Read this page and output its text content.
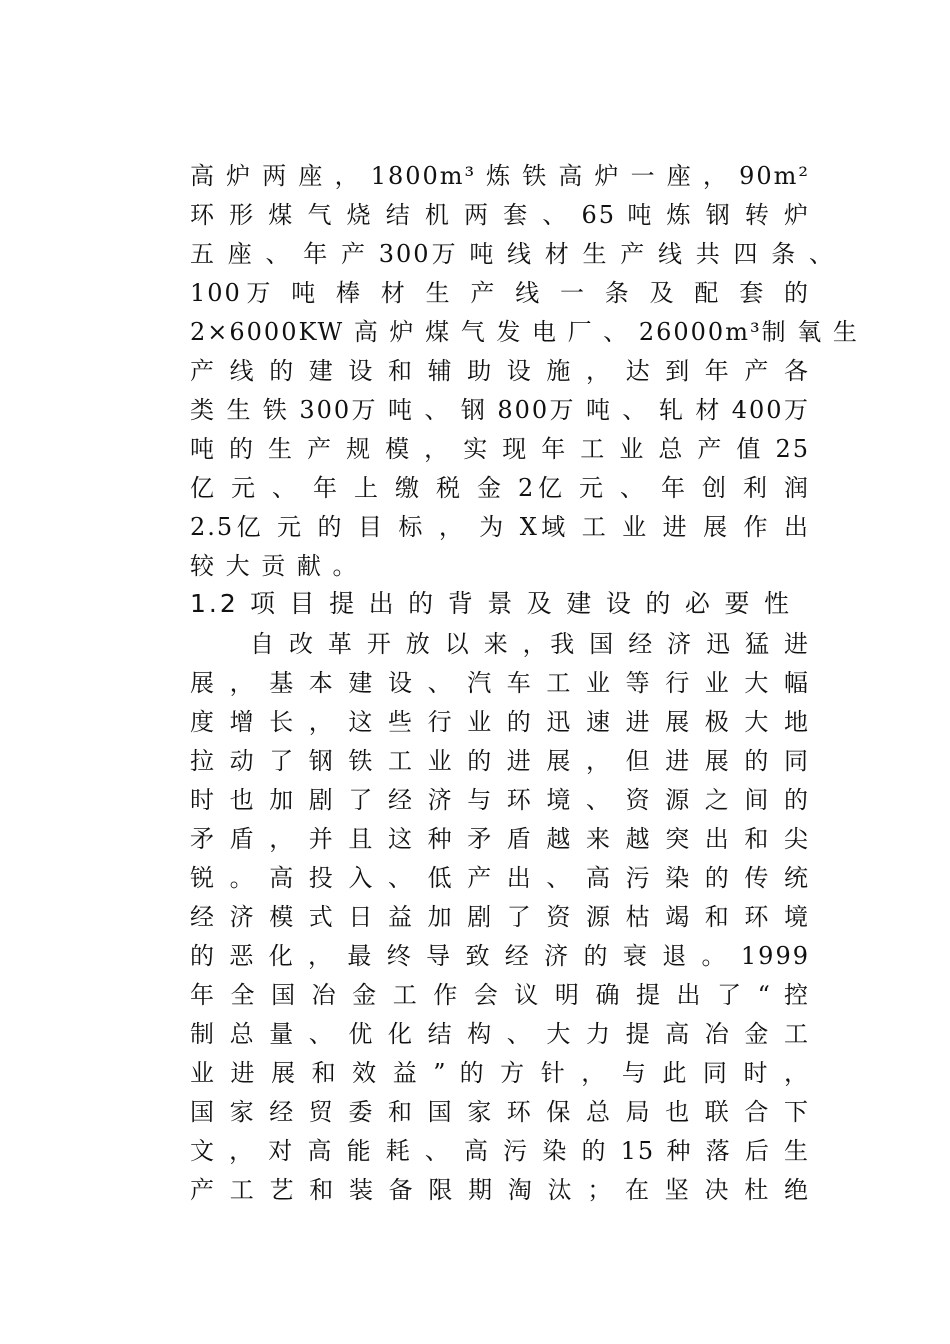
高 炉 两 座 ， 1800m³ 炼 铁 高 炉 一 座 ， 90m²
环 形 煤 气 烧 结 机 两 套 、 65 吨 炼 钢 转 炉
五 座 、 年 产 300万 吨 线 材 生 产 线 共 四 条 、
100万 吨 棒 材 生 产 线 一 条 及 配 套 的
2×6000KW 高 炉 煤 气 发 电 厂 、 26000m³制 氧 生
产 线 的 建 设 和 辅 助 设 施 ， 达 到 年 产 各
类 生 铁 300万 吨 、 钢 800万 吨 、 轧 材 400万
吨 的 生 产 规 模 ， 实 现 年 工 业 总 产 值 25
亿 元 、 年 上 缴 税 金 2亿 元 、 年 创 利 润
2.5亿 元 的 目 标 ， 为 X域 工 业 进 展 作 出
较 大 贡 献 。
1.2 项 目 提 出 的 背 景 及 建 设 的 必 要 性
自 改 革 开 放 以 来 ，我 国 经 济 迅 猛 进
展 ， 基 本 建 设 、 汽 车 工 业 等 行 业 大 幅
度 增 长 ， 这 些 行 业 的 迅 速 进 展 极 大 地
拉 动 了 钢 铁 工 业 的 进 展 ， 但 进 展 的 同
时 也 加 剧 了 经 济 与 环 境 、 资 源 之 间 的
矛 盾 ， 并 且 这 种 矛 盾 越 来 越 突 出 和 尖
锐 。 高 投 入 、 低 产 出 、 高 污 染 的 传 统
经 济 模 式 日 益 加 剧 了 资 源 枯 竭 和 环 境
的 恶 化 ， 最 终 导 致 经 济 的 衰 退 。 1999
年 全 国 冶 金 工 作 会 议 明 确 提 出 了 “ 控
制 总 量 、 优 化 结 构 、 大 力 提 高 冶 金 工
业 进 展 和 效 益 ” 的 方 针 ， 与 此 同 时 ，
国 家 经 贸 委 和 国 家 环 保 总 局 也 联 合 下
文 ， 对 高 能 耗 、 高 污 染 的 15 种 落 后 生
产 工 艺 和 装 备 限 期 淘 汰 ； 在 坚 决 杜 绝
